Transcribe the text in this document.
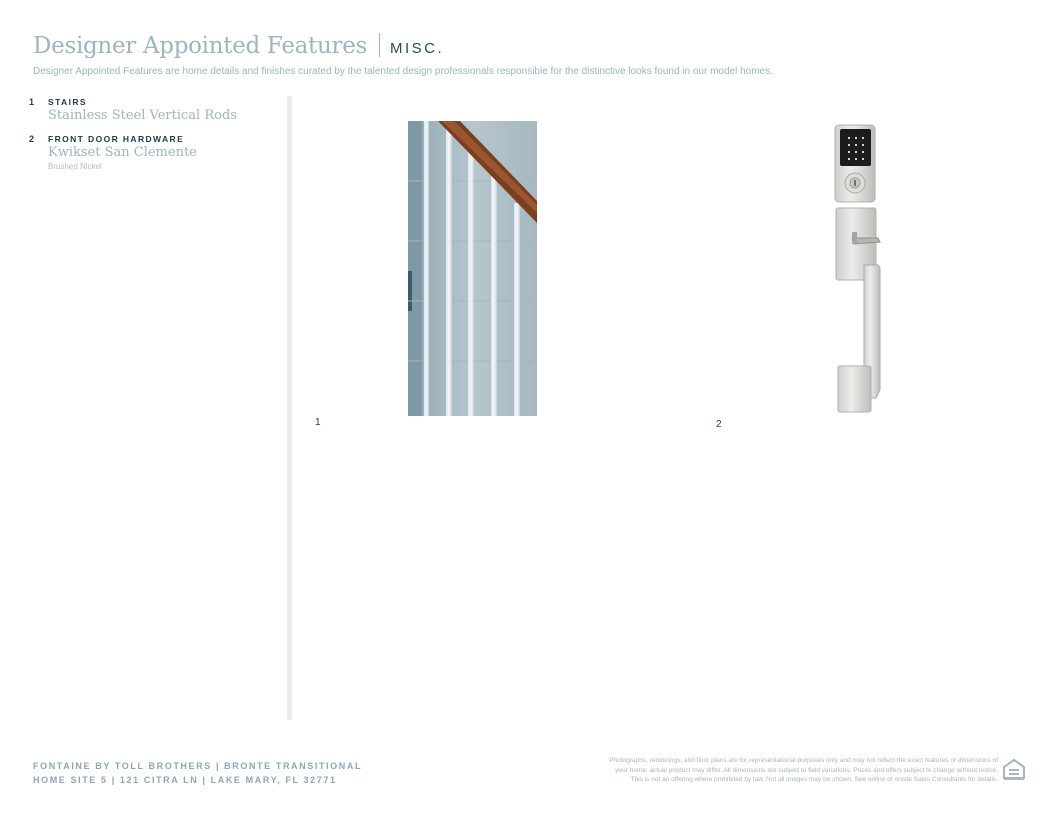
Designer Appointed Features MISC.
Designer Appointed Features are home details and finishes curated by the talented design professionals responsible for the distinctive looks found in our model homes.
1 STAIRS
Stainless Steel Vertical Rods
2 FRONT DOOR HARDWARE
Kwikset San Clemente
Brushed Nickel
1	2
FONTAINE BY TOLL BROTHERS | BRONTE TRANSITIONAL
HOME SITE 5 | 121 CITRA LN | LAKE MARY, FL 32771
Photographs, renderings, and floor plans are for representational purposes only and may not reflect the exact features or dimensions of
your home; actual product may differ. All dimensions are subject to field variations. Prices and offers subject to change without notice.
This is not an offering where prohibited by law. Not all images may be shown. See online or onsite Sales Consultants for details.
